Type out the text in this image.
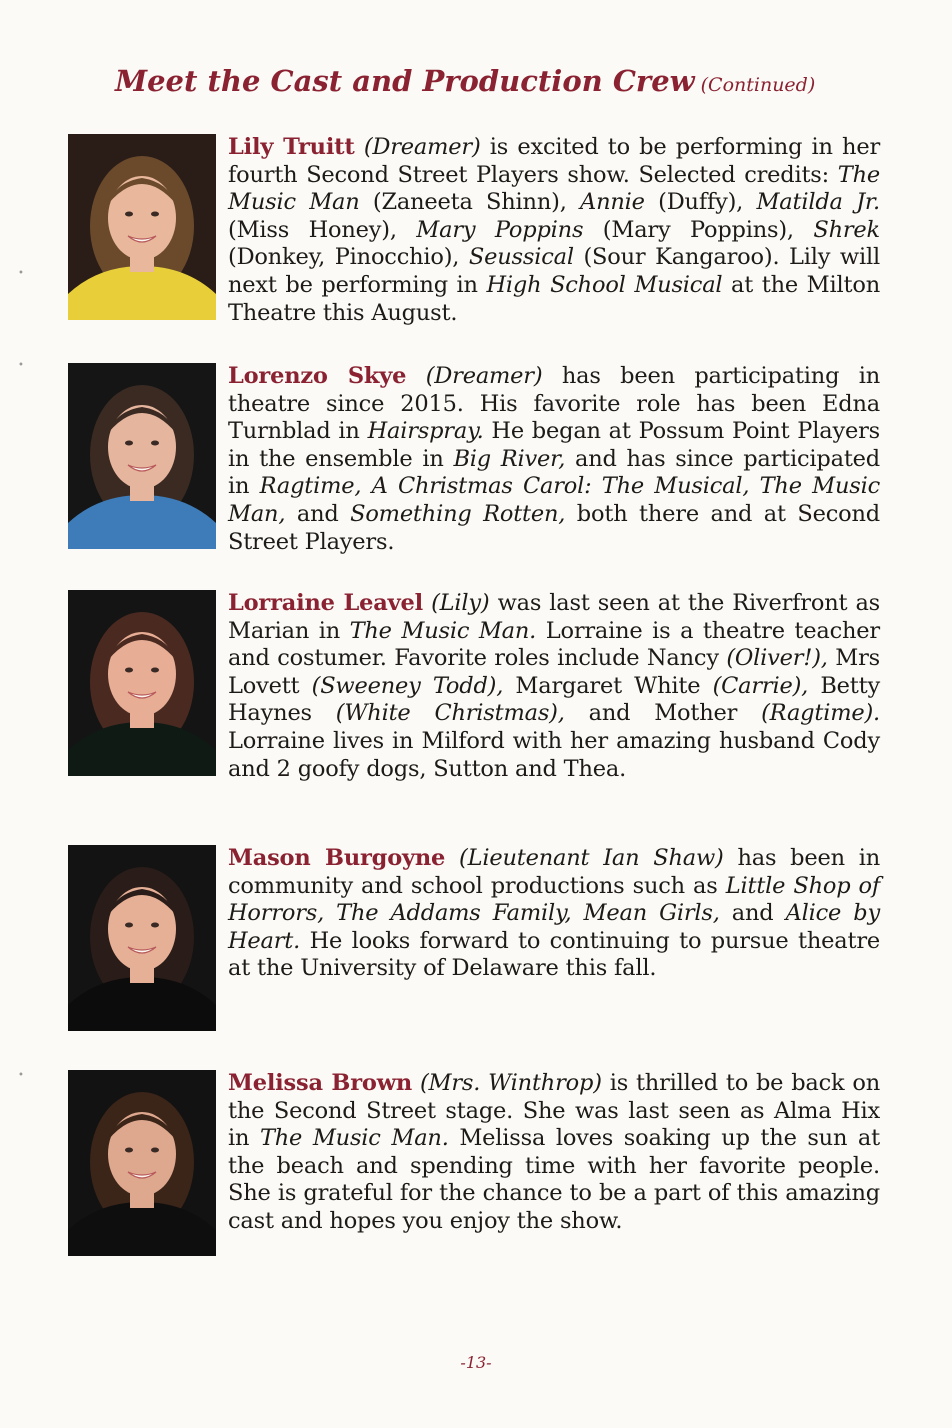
Meet the Cast and Production Crew (Continued)

Lily Truitt (Dreamer) is excited to be performing in her fourth Second Street Players show. Selected credits: The Music Man (Zaneeta Shinn), Annie (Duffy), Matilda Jr. (Miss Honey), Mary Poppins (Mary Poppins), Shrek (Donkey, Pinocchio), Seussical (Sour Kangaroo). Lily will next be performing in High School Musical at the Milton Theatre this August.

Lorenzo Skye (Dreamer) has been participating in theatre since 2015. His favorite role has been Edna Turnblad in Hairspray. He began at Possum Point Players in the ensemble in Big River, and has since participated in Ragtime, A Christmas Carol: The Musical, The Music Man, and Something Rotten, both there and at Second Street Players.

Lorraine Leavel (Lily) was last seen at the Riverfront as Marian in The Music Man. Lorraine is a theatre teacher and costumer. Favorite roles include Nancy (Oliver!), Mrs Lovett (Sweeney Todd), Margaret White (Carrie), Betty Haynes (White Christmas), and Mother (Ragtime). Lorraine lives in Milford with her amazing husband Cody and 2 goofy dogs, Sutton and Thea.

Mason Burgoyne (Lieutenant Ian Shaw) has been in community and school productions such as Little Shop of Horrors, The Addams Family, Mean Girls, and Alice by Heart. He looks forward to continuing to pursue theatre at the University of Delaware this fall.

Melissa Brown (Mrs. Winthrop) is thrilled to be back on the Second Street stage. She was last seen as Alma Hix in The Music Man. Melissa loves soaking up the sun at the beach and spending time with her favorite people. She is grateful for the chance to be a part of this amazing cast and hopes you enjoy the show.

-13-
•
•
•
